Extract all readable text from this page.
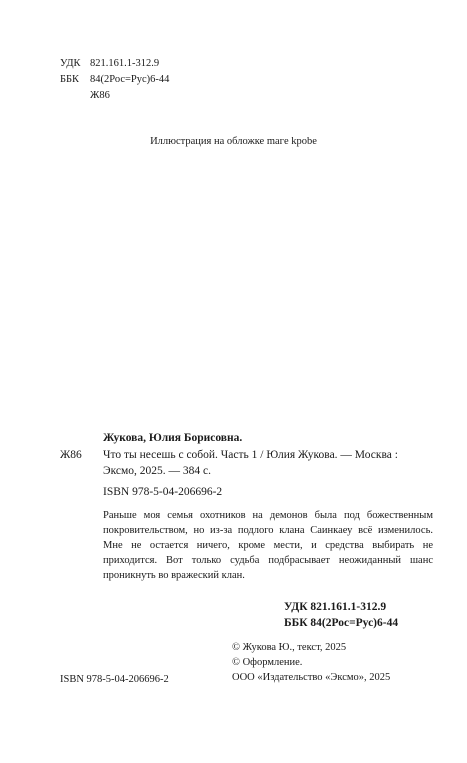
УДК 821.161.1-312.9
ББК	84(2Рос=Рус)6-44
Ж86
Иллюстрация на обложке maгe kpobe
Жукова, Юлия Борисовна.
Ж86 Что ты несешь с собой. Часть 1 / Юлия Жукова. — Москва : Эксмо, 2025. — 384 с.
ISBN 978-5-04-206696-2
Раньше моя семья охотников на демонов была под божественным покровительством, но из-за подлого клана Саинкаеу всё изменилось. Мне не остается ничего, кроме мести, и средства выбирать не приходится. Вот только судьба подбрасывает неожиданный шанс проникнуть во вражеский клан.
УДК 821.161.1-312.9
ББК 84(2Рос=Рус)6-44
© Жукова Ю., текст, 2025
© Оформление.
ООО «Издательство «Эксмо», 2025
ISBN 978-5-04-206696-2
